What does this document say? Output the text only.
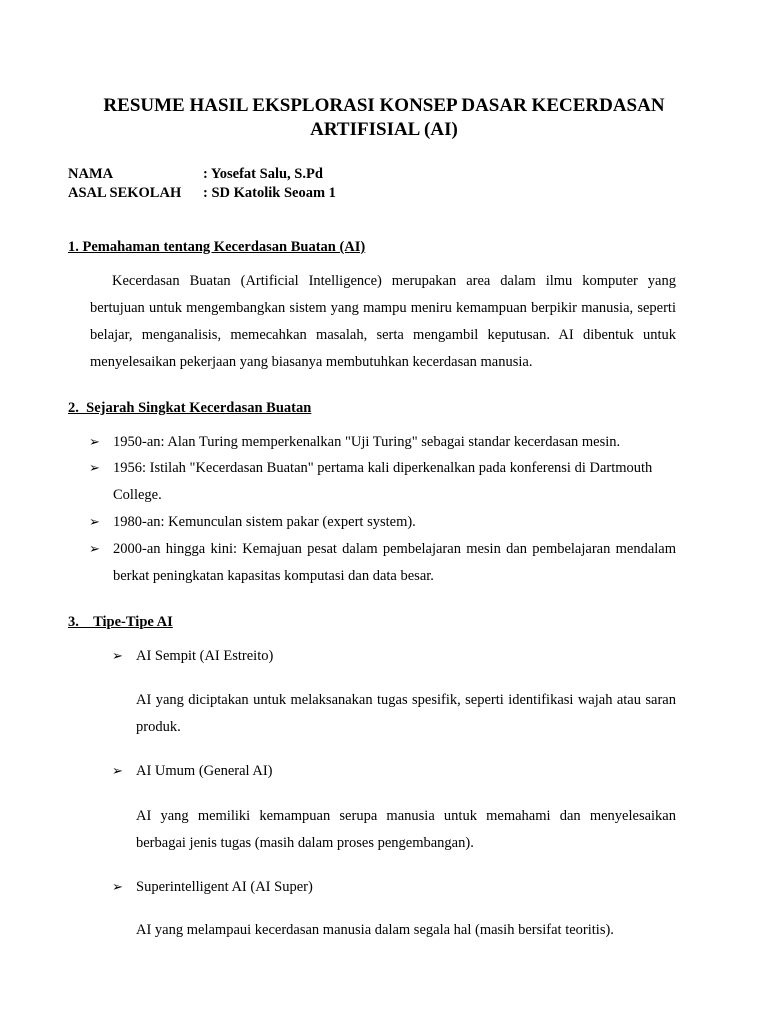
RESUME HASIL EKSPLORASI KONSEP DASAR KECERDASAN
ARTIFISIAL (AI)
NAMA	: Yosefat Salu, S.Pd
ASAL SEKOLAH : SD Katolik Seoam 1
1. Pemahaman tentang Kecerdasan Buatan (AI)
Kecerdasan Buatan (Artificial Intelligence) merupakan area dalam ilmu komputer yang bertujuan untuk mengembangkan sistem yang mampu meniru kemampuan berpikir manusia, seperti belajar, menganalisis, memecahkan masalah, serta mengambil keputusan. AI dibentuk untuk menyelesaikan pekerjaan yang biasanya membutuhkan kecerdasan manusia.
2.  Sejarah Singkat Kecerdasan Buatan
➢ 1950-an: Alan Turing memperkenalkan "Uji Turing" sebagai standar kecerdasan mesin.
➢ 1956: Istilah "Kecerdasan Buatan" pertama kali diperkenalkan pada konferensi di Dartmouth College.
➢ 1980-an: Kemunculan sistem pakar (expert system).
➢ 2000-an hingga kini: Kemajuan pesat dalam pembelajaran mesin dan pembelajaran mendalam berkat peningkatan kapasitas komputasi dan data besar.
3.    Tipe-Tipe AI
➢ AI Sempit (AI Estreito)
AI yang diciptakan untuk melaksanakan tugas spesifik, seperti identifikasi wajah atau saran produk.
➢ AI Umum (General AI)
AI yang memiliki kemampuan serupa manusia untuk memahami dan menyelesaikan berbagai jenis tugas (masih dalam proses pengembangan).
➢ Superintelligent AI (AI Super)
AI yang melampaui kecerdasan manusia dalam segala hal (masih bersifat teoritis).
